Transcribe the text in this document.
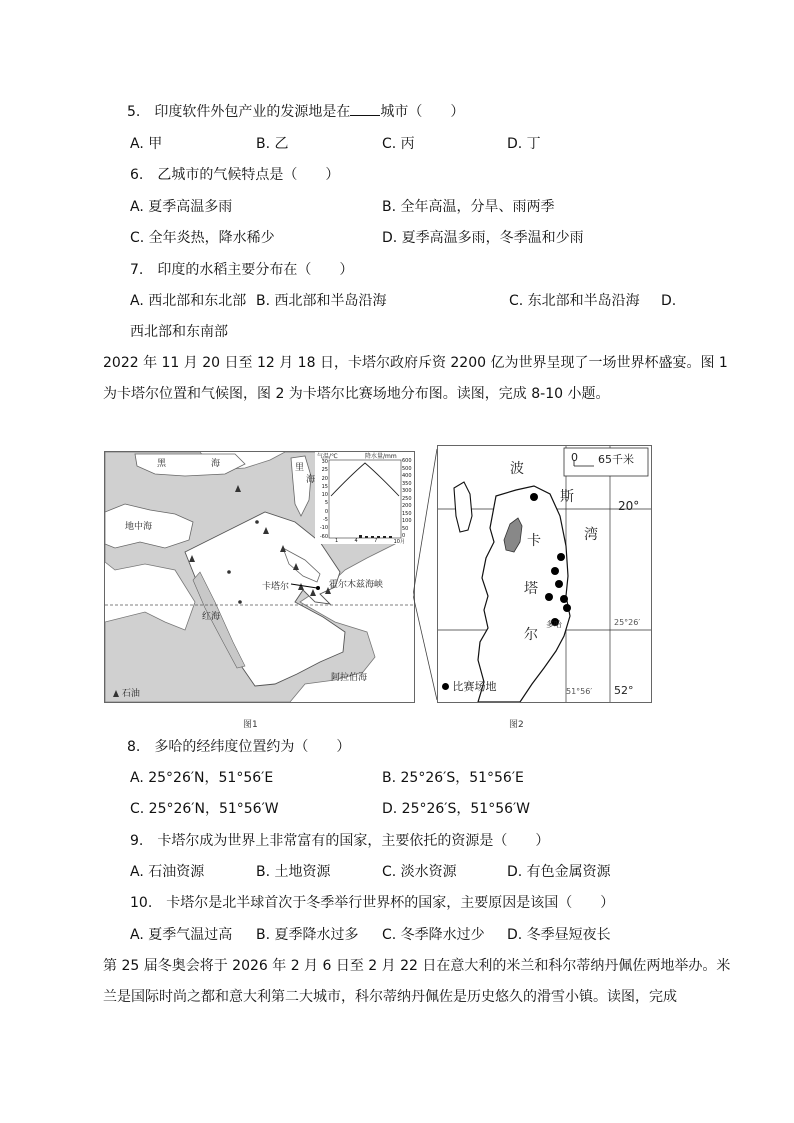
5.　印度软件外包产业的发源地是在 城市（　　）
A. 甲	B. 乙	C. 丙	D. 丁
6.　乙城市的气候特点是（　　）
A. 夏季高温多雨	B. 全年高温，分旱、雨两季
C. 全年炎热，降水稀少	D. 夏季高温多雨，冬季温和少雨
7.　印度的水稻主要分布在（　　）
A. 西北部和东北部 B. 西北部和半岛沿海	C. 东北部和半岛沿海 D.
西北部和东南部
2022 年 11 月 20 日至 12 月 18 日，卡塔尔政府斥资 2200 亿为世界呈现了一场世界杯盛宴。图 1
为卡塔尔位置和气候图，图 2 为卡塔尔比赛场地分布图。读图，完成 8-10 小题。
黑	海	里
海
地中海
红海
卡塔尔	霍尔木兹海峡
阿拉伯海
石油
气温/℃	降水量/mm
30
25
20
15
10
5
0
-5
-10
-60
600
500
400
350
300
250
200
150
100
50
0
1	4	7	10月
图1
波
斯
湾
卡
塔
尔
多哈
0 65千米
20°
25°26′
51°56′ 52°
比赛场地
图2
8.　多哈的经纬度位置约为（　　）
A. 25°26′N，51°56′E	B. 25°26′S，51°56′E
C. 25°26′N，51°56′W	D. 25°26′S，51°56′W
9.　卡塔尔成为世界上非常富有的国家，主要依托的资源是（　　）
A. 石油资源	B. 土地资源	C. 淡水资源	D. 有色金属资源
10.　卡塔尔是北半球首次于冬季举行世界杯的国家，主要原因是该国（　　）
A. 夏季气温过高 B. 夏季降水过多 C. 冬季降水过少 D. 冬季昼短夜长
第 25 届冬奥会将于 2026 年 2 月 6 日至 2 月 22 日在意大利的米兰和科尔蒂纳丹佩佐两地举办。米
兰是国际时尚之都和意大利第二大城市，科尔蒂纳丹佩佐是历史悠久的滑雪小镇。读图，完成
